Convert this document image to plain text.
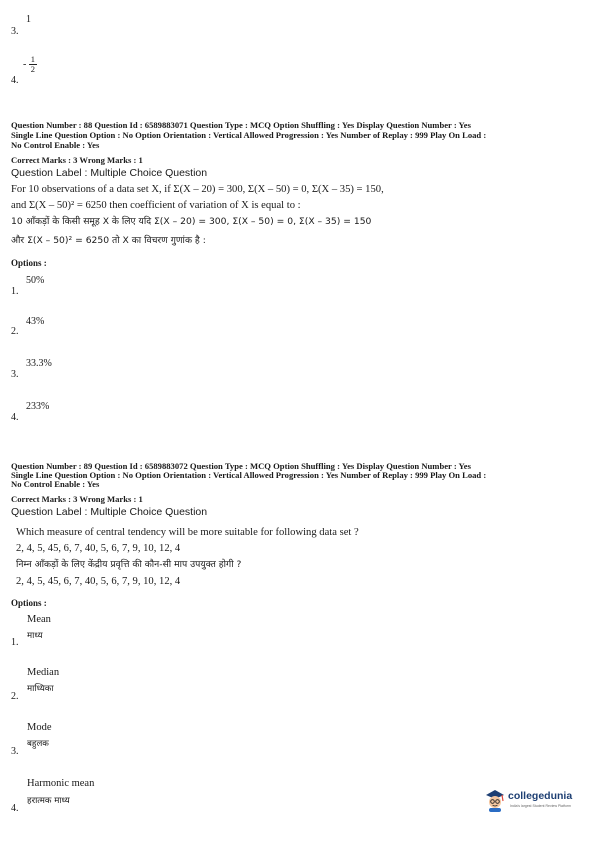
3.
1
4.
- $\frac{1}{2}$
Question Number : 88 Question Id : 6589883071 Question Type : MCQ Option Shuffling : Yes Display Question Number : Yes
Single Line Question Option : No Option Orientation : Vertical Allowed Progression : Yes Number of Replay : 999 Play On Load :
No Control Enable : Yes
Correct Marks : 3 Wrong Marks : 1
Question Label : Multiple Choice Question
For 10 observations of a data set X, if Σ(X – 20) = 300, Σ(X – 50) = 0, Σ(X – 35) = 150,
and Σ(X – 50)² = 6250 then coefficient of variation of X is equal to :
10 आँकड़ों के किसी समूह X के लिए यदि Σ(X – 20) = 300, Σ(X – 50) = 0, Σ(X – 35) = 150
और Σ(X – 50)² = 6250 तो X का विचरण गुणांक है :
Options :
50%
1.
43%
2.
33.3%
3.
233%
4.
Question Number : 89 Question Id : 6589883072 Question Type : MCQ Option Shuffling : Yes Display Question Number : Yes
Single Line Question Option : No Option Orientation : Vertical Allowed Progression : Yes Number of Replay : 999 Play On Load :
No Control Enable : Yes
Correct Marks : 3 Wrong Marks : 1
Question Label : Multiple Choice Question
Which measure of central tendency will be more suitable for following data set ?
2, 4, 5, 45, 6, 7, 40, 5, 6, 7, 9, 10, 12, 4
निम्न आँकड़ों के लिए केंद्रीय प्रवृत्ति की कौन-सी माप उपयुक्त होगी ?
2, 4, 5, 45, 6, 7, 40, 5, 6, 7, 9, 10, 12, 4
Options :
Mean
माध्य
1.
Median
माध्यिका
2.
Mode
बहुलक
3.
Harmonic mean
हरात्मक माध्य
4.
collegedunia
India's largest Student Review Platform
